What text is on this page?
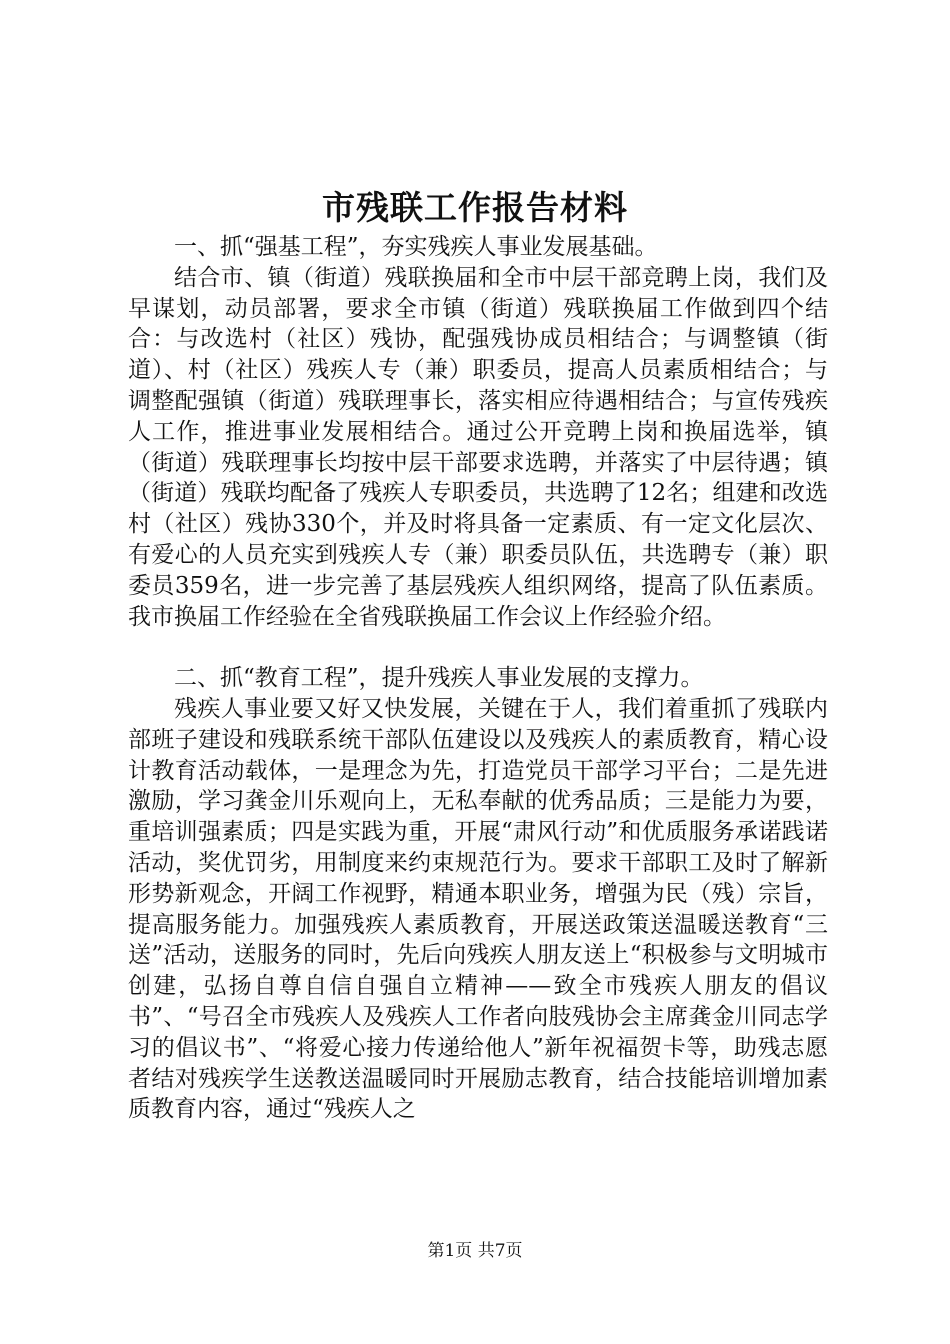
市残联工作报告材料

一、抓“强基工程”，夯实残疾人事业发展基础。

结合市、镇（街道）残联换届和全市中层干部竞聘上岗，我们及早谋划，动员部署，要求全市镇（街道）残联换届工作做到四个结合：与改选村（社区）残协，配强残协成员相结合；与调整镇（街道）、村（社区）残疾人专（兼）职委员，提高人员素质相结合；与调整配强镇（街道）残联理事长，落实相应待遇相结合；与宣传残疾人工作，推进事业发展相结合。通过公开竞聘上岗和换届选举，镇（街道）残联理事长均按中层干部要求选聘，并落实了中层待遇；镇（街道）残联均配备了残疾人专职委员，共选聘了12名；组建和改选村（社区）残协330个，并及时将具备一定素质、有一定文化层次、有爱心的人员充实到残疾人专（兼）职委员队伍，共选聘专（兼）职委员359名，进一步完善了基层残疾人组织网络，提高了队伍素质。我市换届工作经验在全省残联换届工作会议上作经验介绍。

二、抓“教育工程”，提升残疾人事业发展的支撑力。

残疾人事业要又好又快发展，关键在于人，我们着重抓了残联内部班子建设和残联系统干部队伍建设以及残疾人的素质教育，精心设计教育活动载体，一是理念为先，打造党员干部学习平台；二是先进激励，学习龚金川乐观向上，无私奉献的优秀品质；三是能力为要，重培训强素质；四是实践为重，开展“肃风行动”和优质服务承诺践诺活动，奖优罚劣，用制度来约束规范行为。要求干部职工及时了解新形势新观念，开阔工作视野，精通本职业务，增强为民（残）宗旨，提高服务能力。加强残疾人素质教育，开展送政策送温暖送教育“三送”活动，送服务的同时，先后向残疾人朋友送上“积极参与文明城市创建，弘扬自尊自信自强自立精神——致全市残疾人朋友的倡议书”、“号召全市残疾人及残疾人工作者向肢残协会主席龚金川同志学习的倡议书”、“将爱心接力传递给他人”新年祝福贺卡等，助残志愿者结对残疾学生送教送温暖同时开展励志教育，结合技能培训增加素质教育内容，通过“残疾人之

第1页 共7页
